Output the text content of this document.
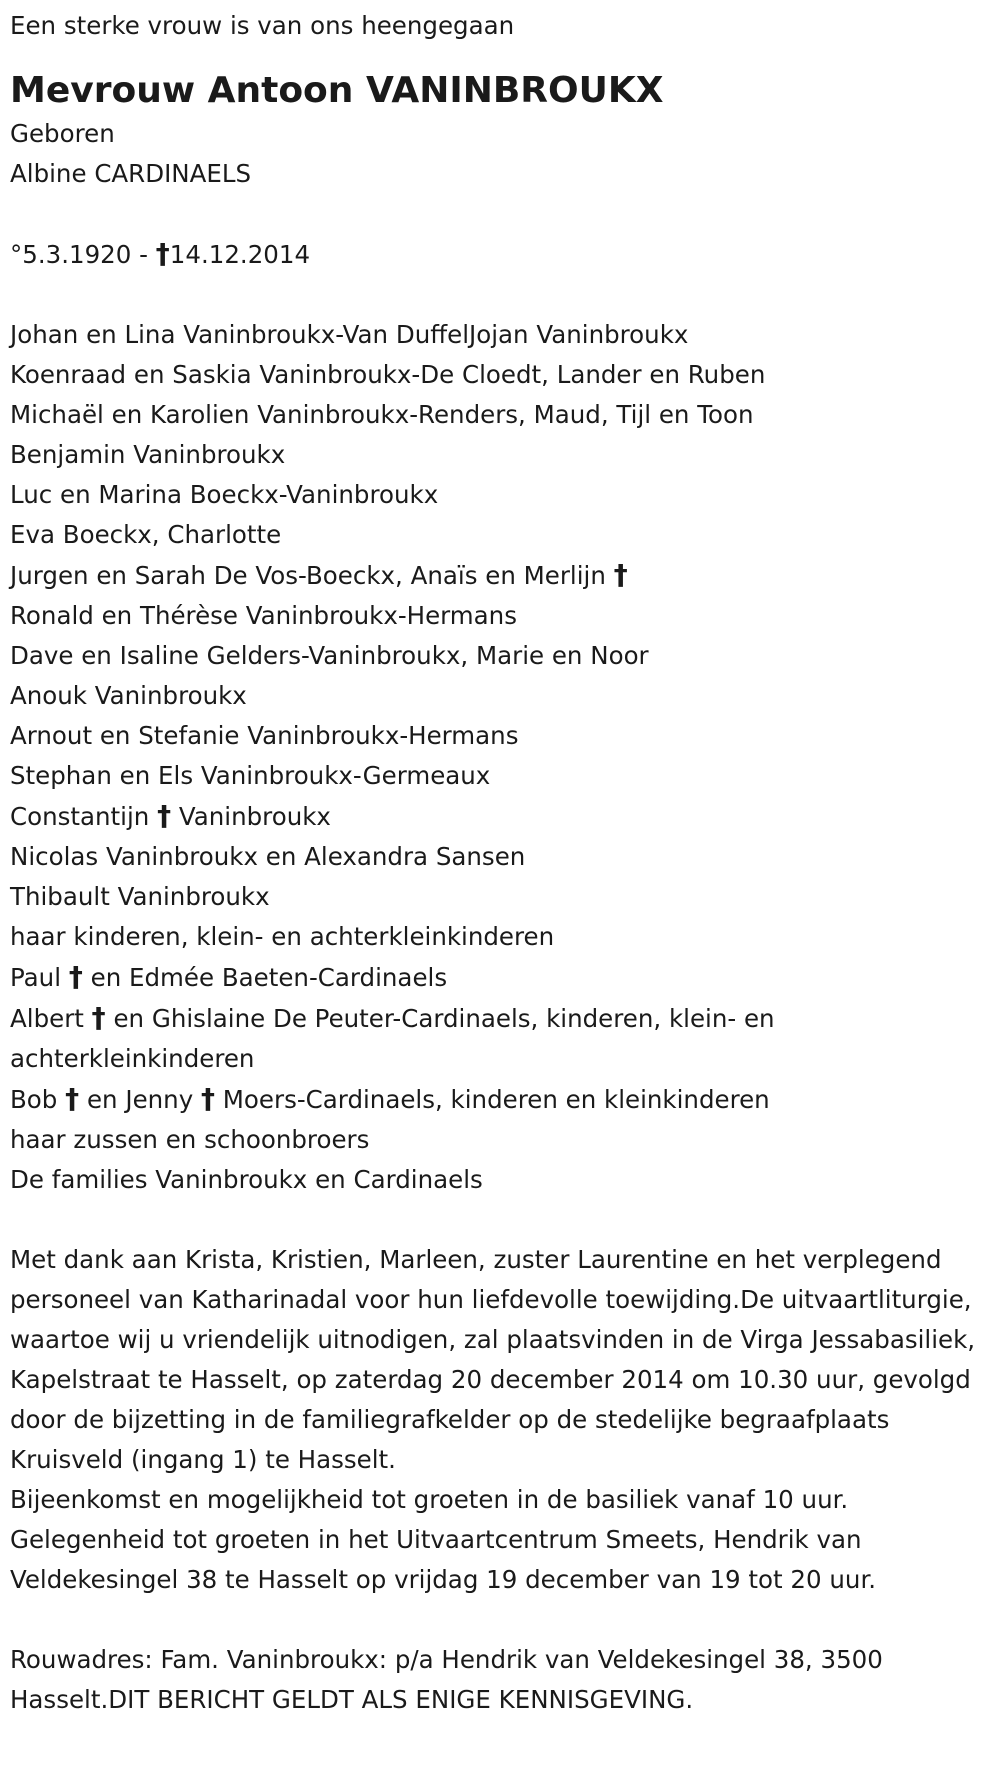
Een sterke vrouw is van ons heengegaan
Mevrouw Antoon VANINBROUKX
Geboren
Albine CARDINAELS
°5.3.1920 - †14.12.2014
Johan en Lina Vaninbroukx-Van DuffelJojan Vaninbroukx
Koenraad en Saskia Vaninbroukx-De Cloedt, Lander en Ruben
Michaël en Karolien Vaninbroukx-Renders, Maud, Tijl en Toon
Benjamin Vaninbroukx
Luc en Marina Boeckx-Vaninbroukx
Eva Boeckx, Charlotte
Jurgen en Sarah De Vos-Boeckx, Anaïs en Merlijn †
Ronald en Thérèse Vaninbroukx-Hermans
Dave en Isaline Gelders-Vaninbroukx, Marie en Noor
Anouk Vaninbroukx
Arnout en Stefanie Vaninbroukx-Hermans
Stephan en Els Vaninbroukx-Germeaux
Constantijn † Vaninbroukx
Nicolas Vaninbroukx en Alexandra Sansen
Thibault Vaninbroukx
haar kinderen, klein- en achterkleinkinderen
Paul † en Edmée Baeten-Cardinaels
Albert † en Ghislaine De Peuter-Cardinaels, kinderen, klein- en
achterkleinkinderen
Bob † en Jenny † Moers-Cardinaels, kinderen en kleinkinderen
haar zussen en schoonbroers
De families Vaninbroukx en Cardinaels
Met dank aan Krista, Kristien, Marleen, zuster Laurentine en het verplegend personeel van Katharinadal voor hun liefdevolle toewijding.De uitvaartliturgie, waartoe wij u vriendelijk uitnodigen, zal plaatsvinden in de Virga Jessabasiliek, Kapelstraat te Hasselt, op zaterdag 20 december 2014 om 10.30 uur, gevolgd door de bijzetting in de familiegrafkelder op de stedelijke begraafplaats Kruisveld (ingang 1) te Hasselt.
Bijeenkomst en mogelijkheid tot groeten in de basiliek vanaf 10 uur.
Gelegenheid tot groeten in het Uitvaartcentrum Smeets, Hendrik van Veldekesingel 38 te Hasselt op vrijdag 19 december van 19 tot 20 uur.
Rouwadres: Fam. Vaninbroukx: p/a Hendrik van Veldekesingel 38, 3500 Hasselt.DIT BERICHT GELDT ALS ENIGE KENNISGEVING.
